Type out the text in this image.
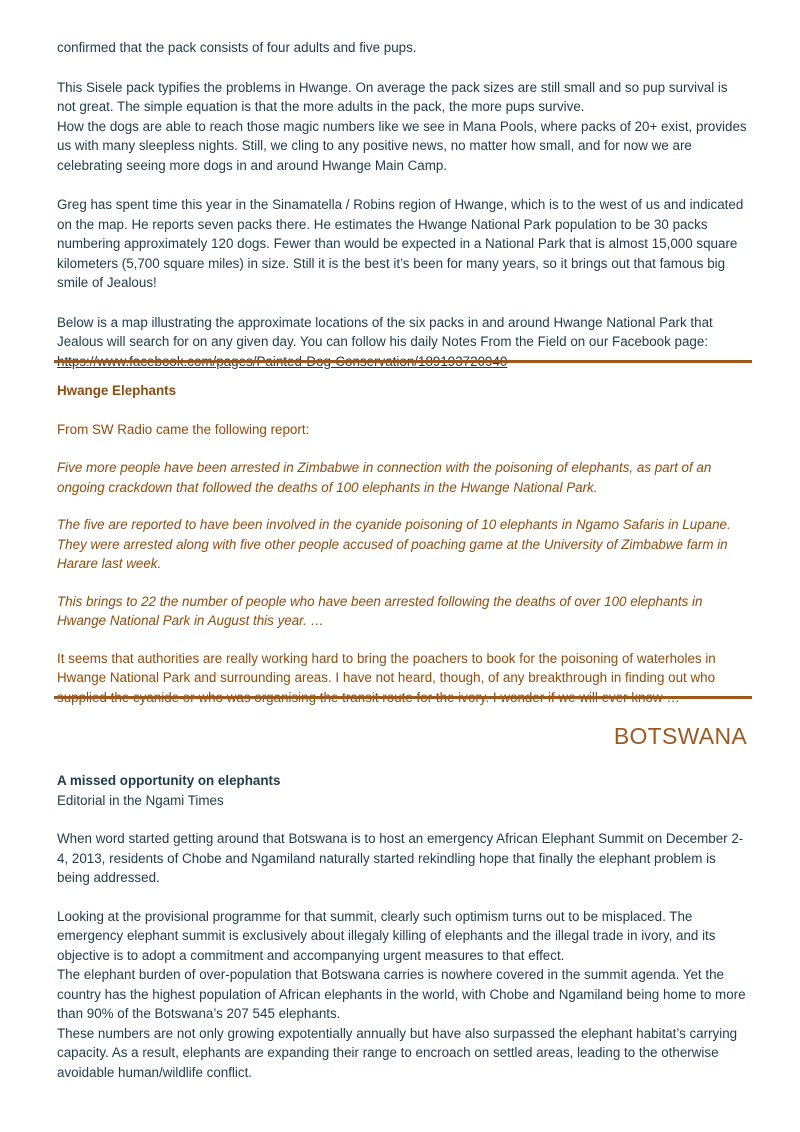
confirmed that the pack consists of four adults and five pups.

This Sisele pack typifies the problems in Hwange. On average the pack sizes are still small and so pup survival is not great. The simple equation is that the more adults in the pack, the more pups survive.

How the dogs are able to reach those magic numbers like we see in Mana Pools, where packs of 20+ exist, provides us with many sleepless nights. Still, we cling to any positive news, no matter how small, and for now we are celebrating seeing more dogs in and around Hwange Main Camp.

Greg has spent time this year in the Sinamatella / Robins region of Hwange, which is to the west of us and indicated on the map. He reports seven packs there. He estimates the Hwange National Park population to be 30 packs numbering approximately 120 dogs. Fewer than would be expected in a National Park that is almost 15,000 square kilometers (5,700 square miles) in size. Still it is the best it’s been for many years, so it brings out that famous big smile of Jealous!

Below is a map illustrating the approximate locations of the six packs in and around Hwange National Park that Jealous will search for on any given day. You can follow his daily Notes From the Field on our Facebook page:

Hwange Elephants

From SW Radio came the following report:

Five more people have been arrested in Zimbabwe in connection with the poisoning of elephants, as part of an ongoing crackdown that followed the deaths of 100 elephants in the Hwange National Park.

The five are reported to have been involved in the cyanide poisoning of 10 elephants in Ngamo Safaris in Lupane. They were arrested along with five other people accused of poaching game at the University of Zimbabwe farm in Harare last week.

This brings to 22 the number of people who have been arrested following the deaths of over 100 elephants in Hwange National Park in August this year. …

It seems that authorities are really working hard to bring the poachers to book for the poisoning of waterholes in Hwange National Park and surrounding areas. I have not heard, though, of any breakthrough in finding out who

BOTSWANA

A missed opportunity on elephants

Editorial in the Ngami Times

When word started getting around that Botswana is to host an emergency African Elephant Summit on December 2-4, 2013, residents of Chobe and Ngamiland naturally started rekindling hope that finally the elephant problem is being addressed.

Looking at the provisional programme for that summit, clearly such optimism turns out to be misplaced. The emergency elephant summit is exclusively about illegaly killing of elephants and the illegal trade in ivory, and its objective is to adopt a commitment and accompanying urgent measures to that effect.

The elephant burden of over-population that Botswana carries is nowhere covered in the summit agenda. Yet the country has the highest population of African elephants in the world, with Chobe and Ngamiland being home to more than 90% of the Botswana’s 207 545 elephants.

These numbers are not only growing expotentially annually but have also surpassed the elephant habitat’s carrying capacity. As a result, elephants are expanding their range to encroach on settled areas, leading to the otherwise avoidable human/wildlife conflict.
